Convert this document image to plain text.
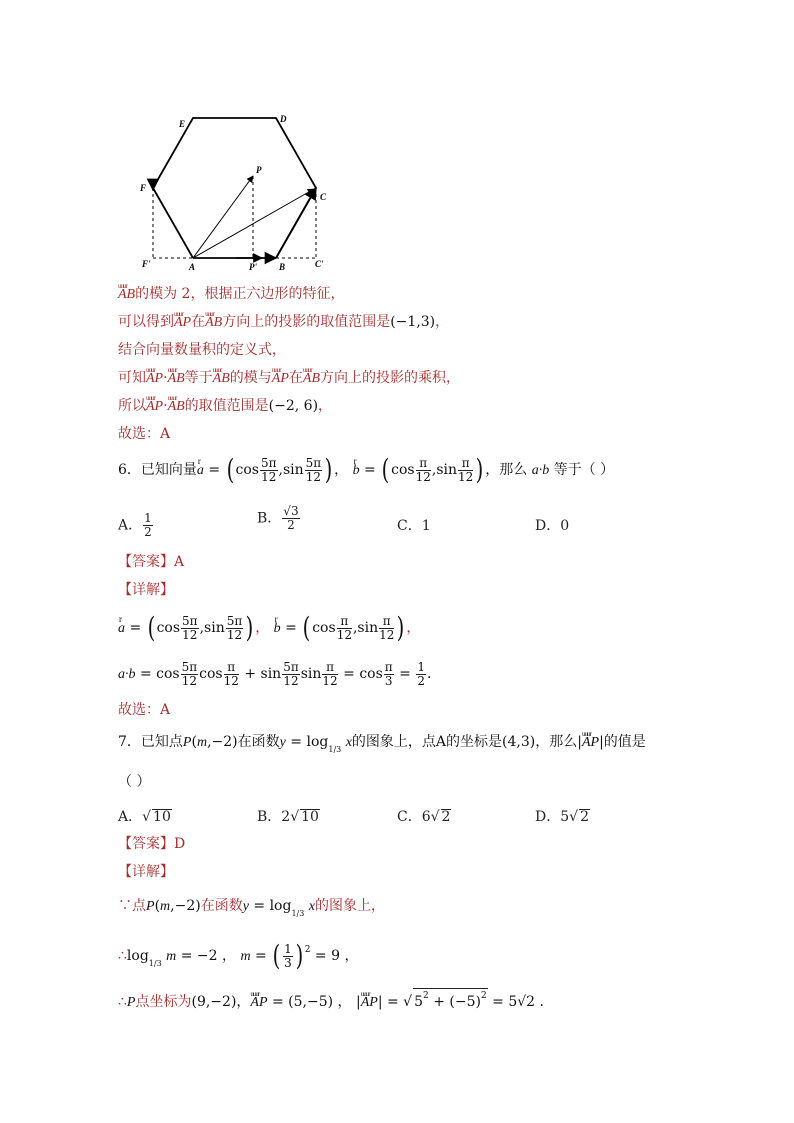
E	D
F
C
P
F'	A	P' B	C'
uuur AB的模为 2，根据正六边形的特征，
可以得到uuur AP在uuur AB方向上的投影的取值范围是(−1,3)，
结合向量数量积的定义式，
可知uuur AP·uuur AB等于uuur AB的模与uuur AP在uuur AB方向上的投影的乘积，
所以uuur AP·uuur AB的取值范围是(−2, 6)，
故选：A
6．已知向量r a = ( $\cos \frac{5\pi}{12} ,\sin \frac{5\pi}{12}$ ) ， r b = ( $\cos \frac{\pi}{12} ,\sin \frac{\pi}{12}$ ) ，那么 a·b 等于（ ）
A． $\frac{1}{2}$	B． $\frac{√3}{2}$	C．1	D．0
【答案】A
【详解】
r a = ( $\cos \frac{5\pi}{12} ,\sin \frac{5\pi}{12}$ ) ， r b = ( $\cos \frac{\pi}{12} ,\sin \frac{\pi}{12}$ ) ，
$a\cdot b = \cos \frac{5\pi}{12}$ $\cos \frac{\pi}{12} + \sin \frac{5\pi}{12}$ $\sin \frac{\pi}{12} = \cos \frac{\pi}{3} = \frac{1}{2}$ .
故选：A
7．已知点P(m,−2)在函数$y = \log_{1/3} x$的图象上，点A的坐标是(4,3)，那么|uuur AP|的值是
（ ）
A．√ 10	B．2√ 10	C．6√ 2	D．5√ 2
【答案】D
【详解】
∵点P(m,−2)在函数$y = \log_{1/3} x$的图象上，
$\therefore\log_{1/3}$ m = −2 ， m = ( $\frac{1}{3}$ ) $^2$ = 9 ，
∴P点坐标为(9,−2)，uuur AP = (5,−5) ， |uuur AP| = √ $5^2 + (-5)^2 = 5√2$ .
